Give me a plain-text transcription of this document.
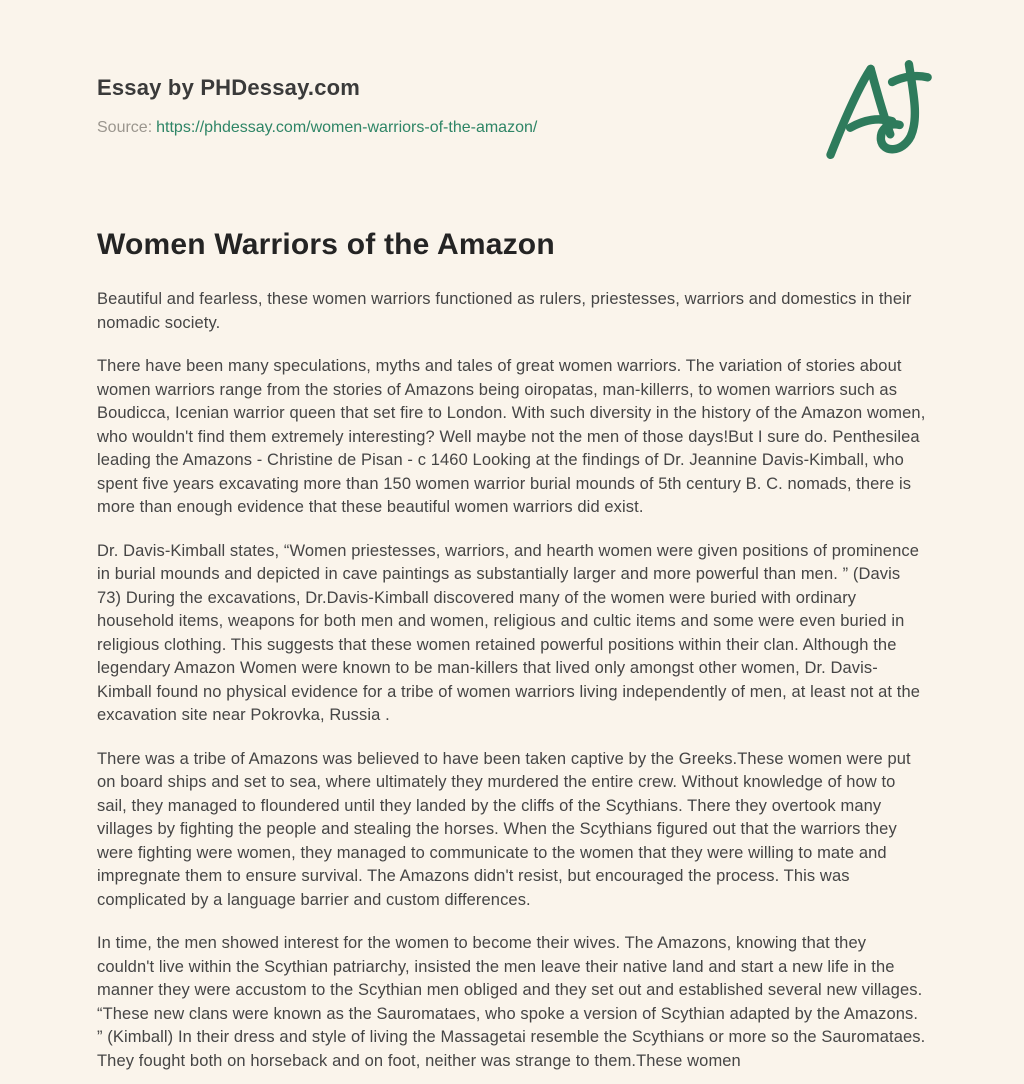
Essay by PHDessay.com
Source: https://phdessay.com/women-warriors-of-the-amazon/
Women Warriors of the Amazon

Beautiful and fearless, these women warriors functioned as rulers, priestesses, warriors and domestics in their nomadic society.

There have been many speculations, myths and tales of great women warriors. The variation of stories about women warriors range from the stories of Amazons being oiropatas, man-killerrs, to women warriors such as Boudicca, Icenian warrior queen that set fire to London. With such diversity in the history of the Amazon women, who wouldn't find them extremely interesting? Well maybe not the men of those days!But I sure do. Penthesilea leading the Amazons - Christine de Pisan - c 1460 Looking at the findings of Dr. Jeannine Davis-Kimball, who spent five years excavating more than 150 women warrior burial mounds of 5th century B. C. nomads, there is more than enough evidence that these beautiful women warriors did exist.

Dr. Davis-Kimball states, “Women priestesses, warriors, and hearth women were given positions of prominence in burial mounds and depicted in cave paintings as substantially larger and more powerful than men. ” (Davis 73) During the excavations, Dr.Davis-Kimball discovered many of the women were buried with ordinary household items, weapons for both men and women, religious and cultic items and some were even buried in religious clothing. This suggests that these women retained powerful positions within their clan. Although the legendary Amazon Women were known to be man-killers that lived only amongst other women, Dr. Davis-Kimball found no physical evidence for a tribe of women warriors living independently of men, at least not at the excavation site near Pokrovka, Russia .

There was a tribe of Amazons was believed to have been taken captive by the Greeks.These women were put on board ships and set to sea, where ultimately they murdered the entire crew. Without knowledge of how to sail, they managed to floundered until they landed by the cliffs of the Scythians. There they overtook many villages by fighting the people and stealing the horses. When the Scythians figured out that the warriors they were fighting were women, they managed to communicate to the women that they were willing to mate and impregnate them to ensure survival. The Amazons didn't resist, but encouraged the process. This was complicated by a language barrier and custom differences.

In time, the men showed interest for the women to become their wives. The Amazons, knowing that they couldn't live within the Scythian patriarchy, insisted the men leave their native land and start a new life in the manner they were accustom to the Scythian men obliged and they set out and established several new villages. “These new clans were known as the Sauromataes, who spoke a version of Scythian adapted by the Amazons. ” (Kimball) In their dress and style of living the Massagetai resemble the Scythians or more so the Sauromataes. They fought both on horseback and on foot, neither was strange to them.These women
